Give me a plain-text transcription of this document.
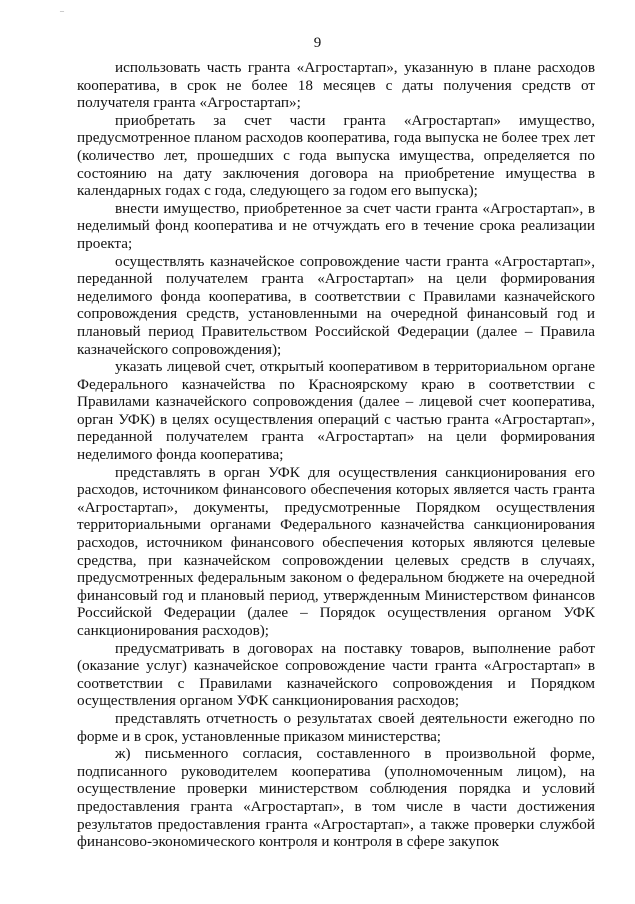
–
9

использовать часть гранта «Агростартап», указанную в плане расходов кооператива, в срок не более 18 месяцев с даты получения средств от получателя гранта «Агростартап»;

приобретать за счет части гранта «Агростартап» имущество, предусмотренное планом расходов кооператива, года выпуска не более трех лет (количество лет, прошедших с года выпуска имущества, определяется по состоянию на дату заключения договора на приобретение имущества в календарных годах с года, следующего за годом его выпуска);

внести имущество, приобретенное за счет части гранта «Агростартап», в неделимый фонд кооператива и не отчуждать его в течение срока реализации проекта;

осуществлять казначейское сопровождение части гранта «Агростартап», переданной получателем гранта «Агростартап» на цели формирования неделимого фонда кооператива, в соответствии с Правилами казначейского сопровождения средств, установленными на очередной финансовый год и плановый период Правительством Российской Федерации (далее – Правила казначейского сопровождения);

указать лицевой счет, открытый кооперативом в территориальном органе Федерального казначейства по Красноярскому краю в соответствии с Правилами казначейского сопровождения (далее – лицевой счет кооператива, орган УФК) в целях осуществления операций с частью гранта «Агростартап», переданной получателем гранта «Агростартап» на цели формирования неделимого фонда кооператива;

представлять в орган УФК для осуществления санкционирования его расходов, источником финансового обеспечения которых является часть гранта «Агростартап», документы, предусмотренные Порядком осуществления территориальными органами Федерального казначейства санкционирования расходов, источником финансового обеспечения которых являются целевые средства, при казначейском сопровождении целевых средств в случаях, предусмотренных федеральным законом о федеральном бюджете на очередной финансовый год и плановый период, утвержденным Министерством финансов Российской Федерации (далее – Порядок осуществления органом УФК санкционирования расходов);

предусматривать в договорах на поставку товаров, выполнение работ (оказание услуг) казначейское сопровождение части гранта «Агростартап» в соответствии с Правилами казначейского сопровождения и Порядком осуществления органом УФК санкционирования расходов;

представлять отчетность о результатах своей деятельности ежегодно по форме и в срок, установленные приказом министерства;

ж) письменного согласия, составленного в произвольной форме, подписанного руководителем кооператива (уполномоченным лицом), на осуществление проверки министерством соблюдения порядка и условий предоставления гранта «Агростартап», в том числе в части достижения результатов предоставления гранта «Агростартап», а также проверки службой финансово-экономического контроля и контроля в сфере закупок
